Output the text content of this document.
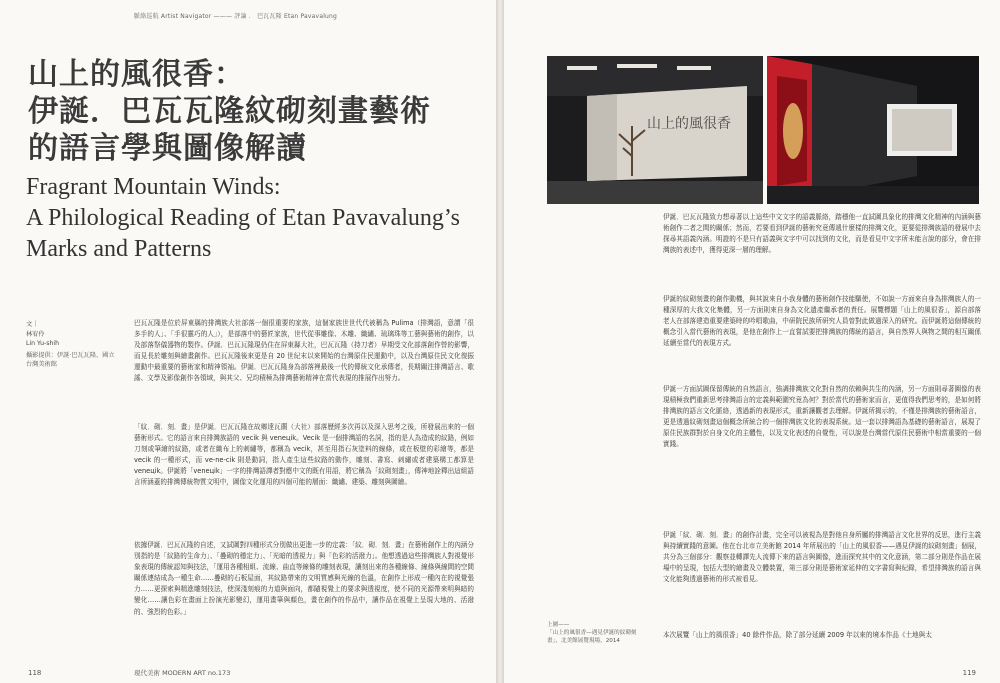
脈絡巡航 Artist Navigator ——— 評論 ． 巴瓦瓦隆 Etan Pavavalung
山上的風很香：
伊誕．巴瓦瓦隆紋砌刻畫藝術
的語言學與圖像解讀
Fragrant Mountain Winds:
A Philological Reading of Etan Pavavalung’s
Marks and Patterns
文｜
林宥伶
Lin Yu-shih
攝影提供：伊誕‧巴瓦瓦隆、國立台灣美術館

巴瓦瓦隆是位於屏東縣的排灣族大社部落一個很重要的家族，這個家族世世代代被稱為 Pulima（排灣語，意謂「很多手的人」、「手很靈巧的人」），是部落中的藝匠家族，世代從事雕像、木雕、織繡、琉璃珠等工藝與藝術的創作，以及部落祭儀器物的製作。伊誕．巴瓦瓦隆現仍住在屏東縣大社，巴瓦瓦隆（持刀者）早期受文化部落創作營的影響，而見長於雕刻與繪畫創作。巴瓦瓦隆後來更是自 20 世紀末以來開始的台灣原住民運動中，以及台灣原住民文化復振運動中最重要的藝術家和精神領袖。伊誕．巴瓦瓦隆身為部落裡最後一代的傳統文化承傳者，長期關注排灣語言、歌謠、文學及影像創作各領域，與其父、兄均積極為排灣藝術精神在當代表現的推展作出努力。

「紋．砌．刻．畫」是伊誕．巴瓦瓦隆在故鄉達瓦蘭（大社）部落歷經多次再以及深入思考之後，所發展出來的一個藝術形式。它的語言來自排灣族語的 vecik 與 veneцik。Vecik 是一個排灣語的名詞，指的是人為造成的紋路，例如刀刻或筆繪的紋路，或者在織布上的刺繡等，都稱為 vecik，甚至用指石灰塗料的線條，或在板壁的彩繪等，都是 vecik 的一種形式，而 ve-ne-cik 則是動詞，指人產生這些紋路的動作，雕刻、書寫、刺繡或者建築構工都算是 veneцik。伊誕將「veneцik」一字的排灣語譯者對應中文的既有用語，將它稱為「紋砌刻畫」，傳神地詮釋出這組語言所涵蓋的排灣傳統物質文明中，圖像文化運用的四個可能的層面：織繡、建築、雕刻與圖繪。

依據伊誕．巴瓦瓦隆的自述，又試圖對四種形式分別做出更進一步的定義：「紋．砌．刻．畫」在藝術創作上的內涵分別指的是「紋路的生命力」、「疊砌的穩定力」、「光暗的透視力」與「色彩的活潑力」。他想透過這些排灣族人對視覺形象表現的傳統認知與技法，「運用各種相組、流線、曲直等線條的雕刻表現，讓刻出來的各種線條、線條與線間的空間關係連結成為一種生命……疊砌的石板屋面，其紋路帶來的文明質感與光線的色溫，在創作上形成一種內在的視覺張力……更探索與精進雕刻技法，使深淺刻痕的力道與面向，都隨視覺上的要求與透視度，使不同的光源帶來明與暗的變化……讓色彩在畫面上扮演光影變幻，運用畫筆與顏色，畫在創作的作品中，讓作品在視覺上呈現大地的、活潑的、強烈的色彩。」

118	現代美術 MODERN ART no.173
山上的風很香
上圖——
「山上的風很香—遇見伊誕的紋砌刻畫」，北美館展覽現場，2014

伊誕．巴瓦瓦隆致力想尋著以上這些中文文字的語義脈絡，踏穩他一直試圖具象化的排灣文化精神的內涵與藝術創作二者之間的關係；然而，若要看到伊誕的藝術究竟傳遞什麼樣的排灣文化，更要從排灣族語的發展中去探尋其語義內涵。明證的不是只有語義與文字中可以找到的文化，而是看見中文字所未能言說的部分，會在排灣族的表述中，獲得更深一層的理解。

伊誕的紋砌刻畫的創作動機，與其說來自小我身體的藝術創作技能驅使，不如說一方面來自身為排灣族人的一種深厚的大我文化集體，另一方面則來自身為文化遺產繼承者的責任。展覽標題「山上的風很香」，源自部落老人在部落建造重要建築時的吟唱歌曲，中研院民族所研究人員曾對此做過深入的研究。而伊誕將這個傳統的概念引入當代藝術的表現，是他在創作上一直嘗試要把排灣族的傳統的語言，與自然界人與物之間的相互關係延續至當代的表現方式。

伊誕一方面試圖保留傳統的自然語言，強調排灣族文化對自然的依賴與共生的內涵，另一方面則尋著圖像的表現積極我們重新思考排灣語言的定義與範圍究竟為何？對於當代的藝術家而言，更值得我們思考的，是如何將排灣族的語言文化脈絡，透過新的表現形式，重新讓觀者去理解。伊誕所揭示的，不僅是排灣族的藝術語言，更是透過紋砌刻畫這個概念所統合的一個排灣族文化的表現系統。這一套以排灣語為基礎的藝術語言，展現了原住民族群對於自身文化的主體性，以及文化表述的自覺性，可以說是台灣當代原住民藝術中相當重要的一個實踐。

伊誕「紋．砌．刻．畫」的創作計畫，完全可以被視為是對他自身所屬的排灣語言文化世界的反思，進行主義與持續實踐的意圖。他在台北市立美術館 2014 年所展出的「山上的風很香——遇見伊誕的紋砌刻畫」個展，共分為三個部分：觀察並轉譯先人流傳下來的語言與圖像，進而探究其中的文化意涵，第二部分則是作品在展場中的呈現，包括大型的繪畫及立體裝置，第三部分則是藝術家延伸的文字書寫與紀錄，希望排灣族的語言與文化能夠透過藝術的形式被看見。

本次展覽「山上的風很香」40 餘件作品，除了部分延續 2009 年以來的境本作品《土地與太

119
